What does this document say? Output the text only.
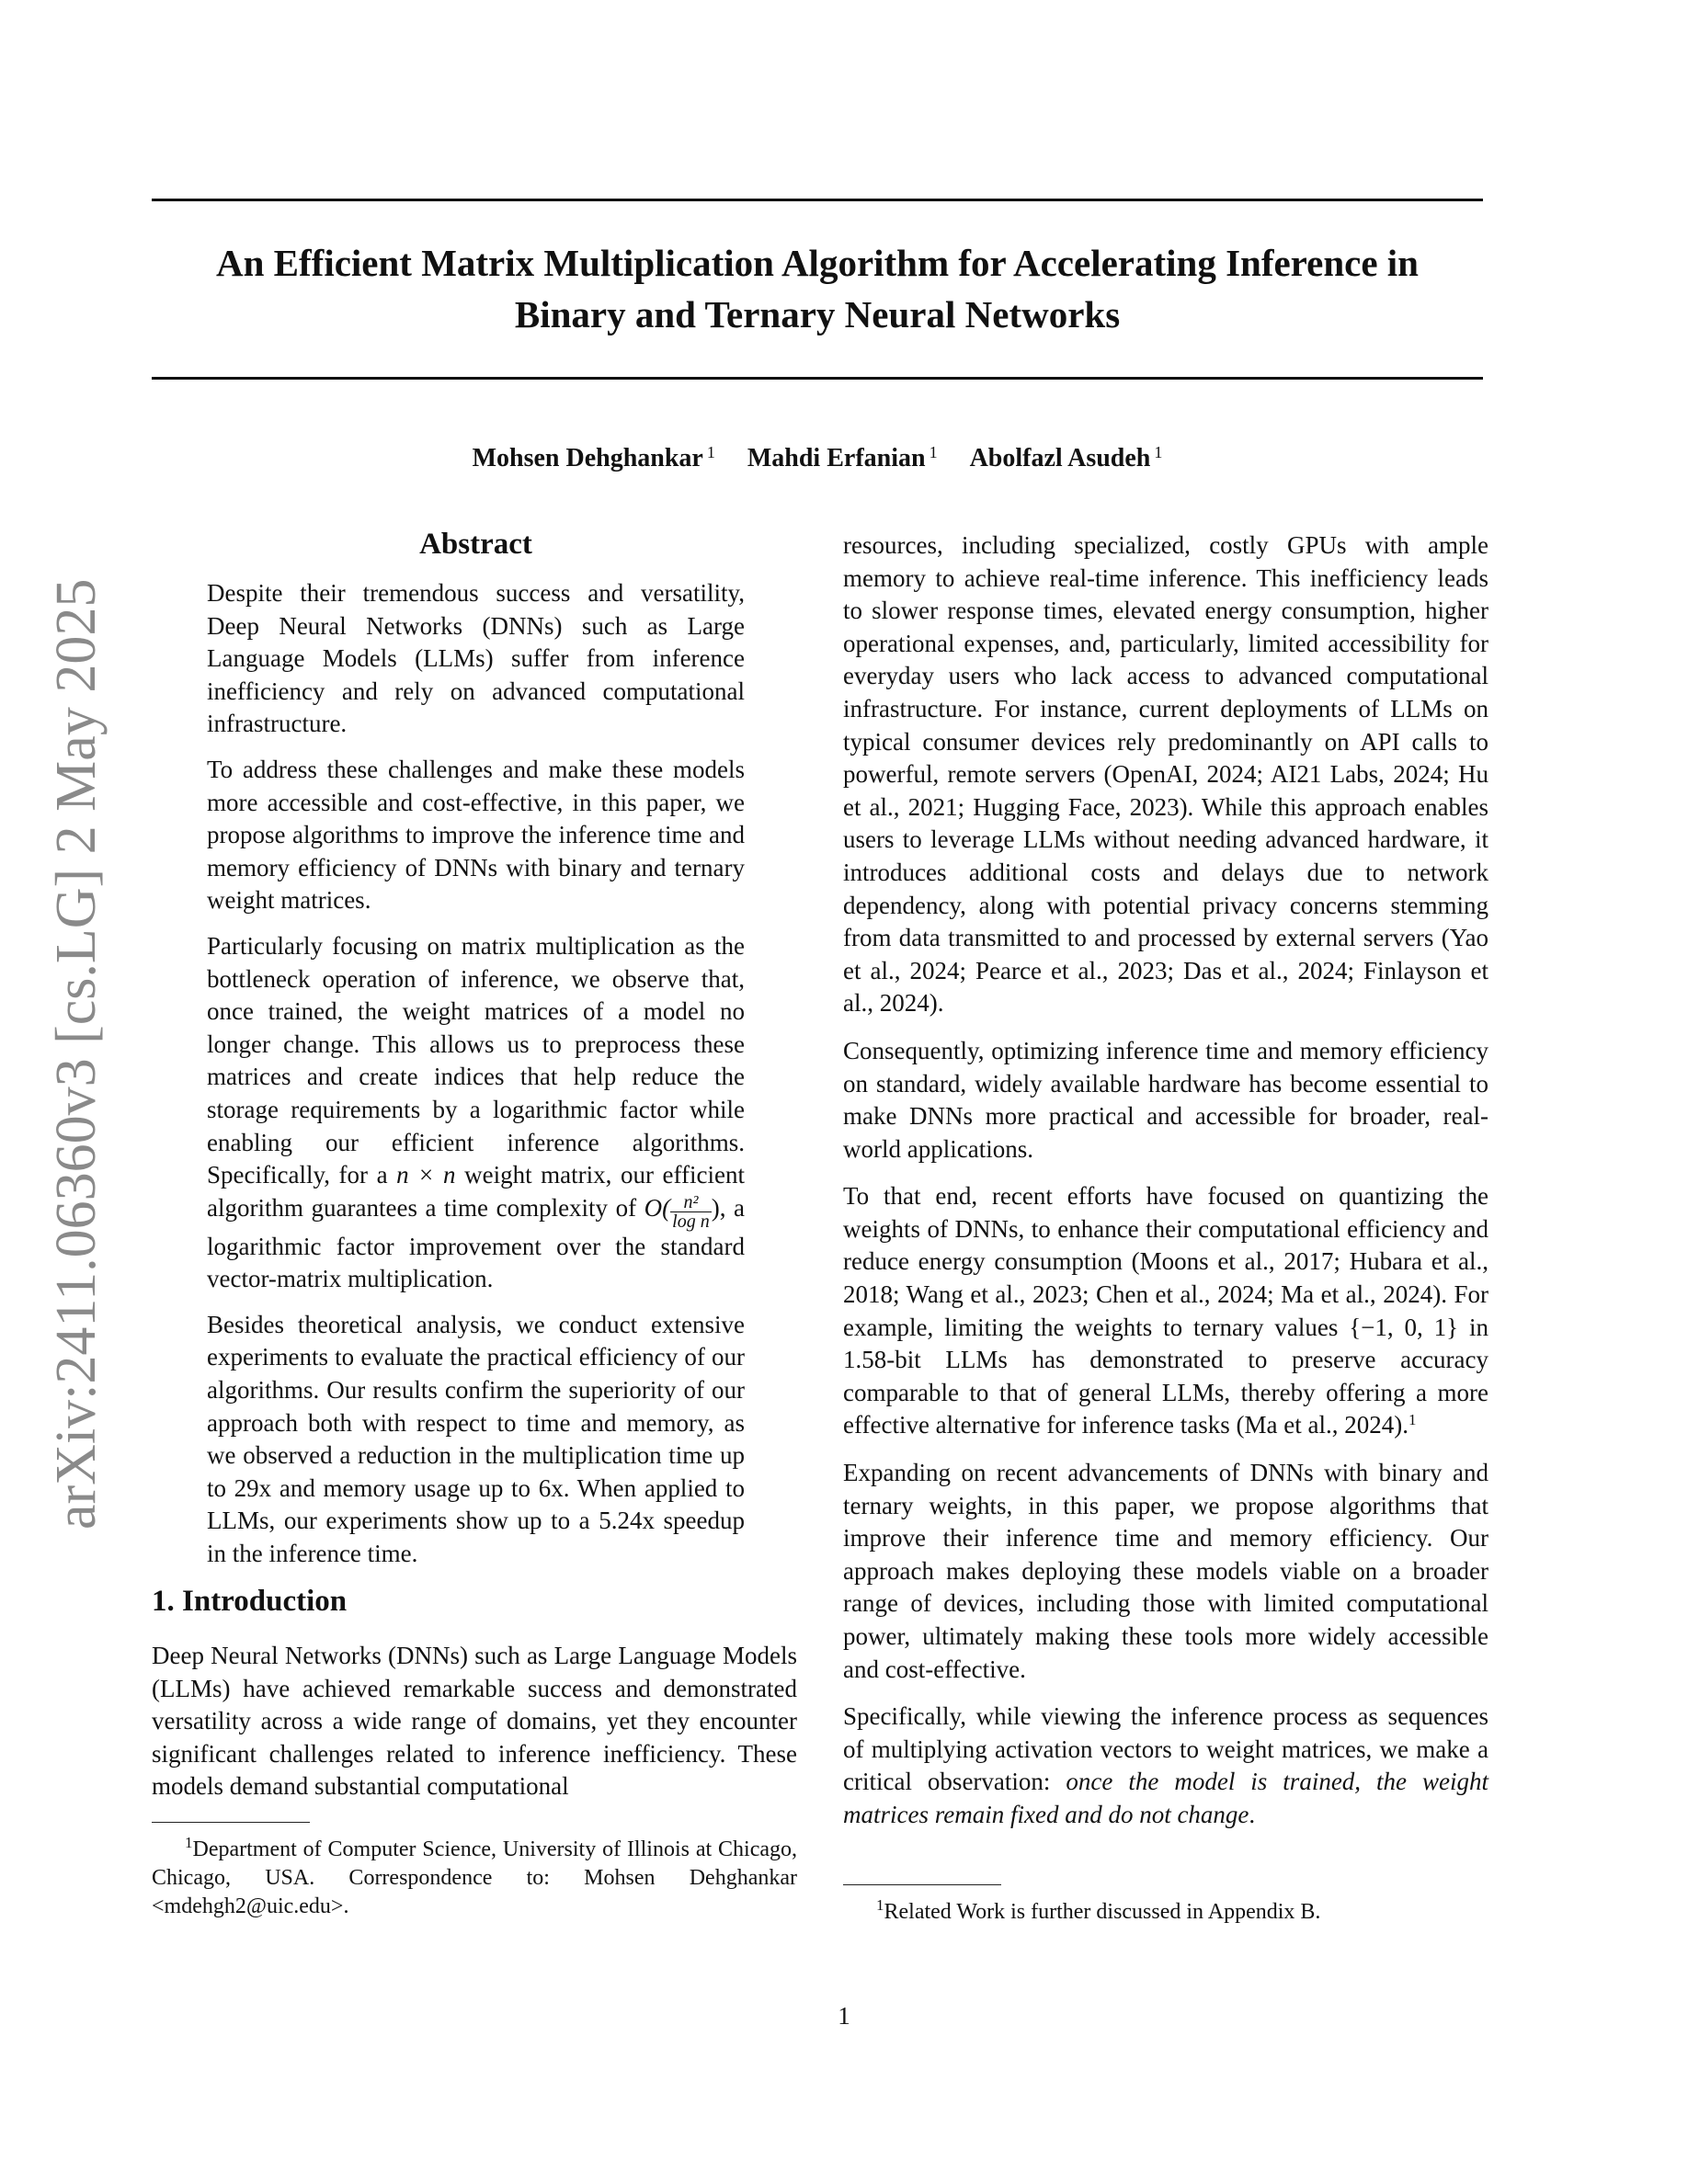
An Efficient Matrix Multiplication Algorithm for Accelerating Inference in
Binary and Ternary Neural Networks
Mohsen Dehghankar $^1$ Mahdi Erfanian $^1$ Abolfazl Asudeh $^1$
arXiv:2411.06360v3 [cs.LG] 2 May 2025
Abstract

Despite their tremendous success and versatility, Deep Neural Networks (DNNs) such as Large Language Models (LLMs) suffer from inference inefficiency and rely on advanced computational infrastructure.

To address these challenges and make these models more accessible and cost-effective, in this paper, we propose algorithms to improve the inference time and memory efficiency of DNNs with binary and ternary weight matrices.

Particularly focusing on matrix multiplication as the bottleneck operation of inference, we observe that, once trained, the weight matrices of a model no longer change. This allows us to preprocess these matrices and create indices that help reduce the storage requirements by a logarithmic factor while enabling our efficient inference algorithms. Specifically, for a n × n weight matrix, our efficient algorithm guarantees a time complexity of $O( \frac{\text{n²}}{\text{log n}}$ ), a logarithmic factor improvement over the standard vector-matrix multiplication.

Besides theoretical analysis, we conduct extensive experiments to evaluate the practical efficiency of our algorithms. Our results confirm the superiority of our approach both with respect to time and memory, as we observed a reduction in the multiplication time up to 29x and memory usage up to 6x. When applied to LLMs, our experiments show up to a 5.24x speedup in the inference time.

1. Introduction

Deep Neural Networks (DNNs) such as Large Language Models (LLMs) have achieved remarkable success and demonstrated versatility across a wide range of domains, yet they encounter significant challenges related to inference inefficiency. These models demand substantial computational

$^1$Department of Computer Science, University of Illinois at Chicago, Chicago, USA. Correspondence to: Mohsen Dehghankar <mdehgh2@uic.edu>.

resources, including specialized, costly GPUs with ample memory to achieve real-time inference. This inefficiency leads to slower response times, elevated energy consumption, higher operational expenses, and, particularly, limited accessibility for everyday users who lack access to advanced computational infrastructure. For instance, current deployments of LLMs on typical consumer devices rely predominantly on API calls to powerful, remote servers (OpenAI, 2024; AI21 Labs, 2024; Hu et al., 2021; Hugging Face, 2023). While this approach enables users to leverage LLMs without needing advanced hardware, it introduces additional costs and delays due to network dependency, along with potential privacy concerns stemming from data transmitted to and processed by external servers (Yao et al., 2024; Pearce et al., 2023; Das et al., 2024; Finlayson et al., 2024).

Consequently, optimizing inference time and memory efficiency on standard, widely available hardware has become essential to make DNNs more practical and accessible for broader, real-world applications.

To that end, recent efforts have focused on quantizing the weights of DNNs, to enhance their computational efficiency and reduce energy consumption (Moons et al., 2017; Hubara et al., 2018; Wang et al., 2023; Chen et al., 2024; Ma et al., 2024). For example, limiting the weights to ternary values {−1, 0, 1} in 1.58-bit LLMs has demonstrated to preserve accuracy comparable to that of general LLMs, thereby offering a more effective alternative for inference tasks (Ma et al., 2024).$^1$

Expanding on recent advancements of DNNs with binary and ternary weights, in this paper, we propose algorithms that improve their inference time and memory efficiency. Our approach makes deploying these models viable on a broader range of devices, including those with limited computational power, ultimately making these tools more widely accessible and cost-effective.

Specifically, while viewing the inference process as sequences of multiplying activation vectors to weight matrices, we make a critical observation: once the model is trained, the weight matrices remain fixed and do not change.

$^1$Related Work is further discussed in Appendix B.
1
